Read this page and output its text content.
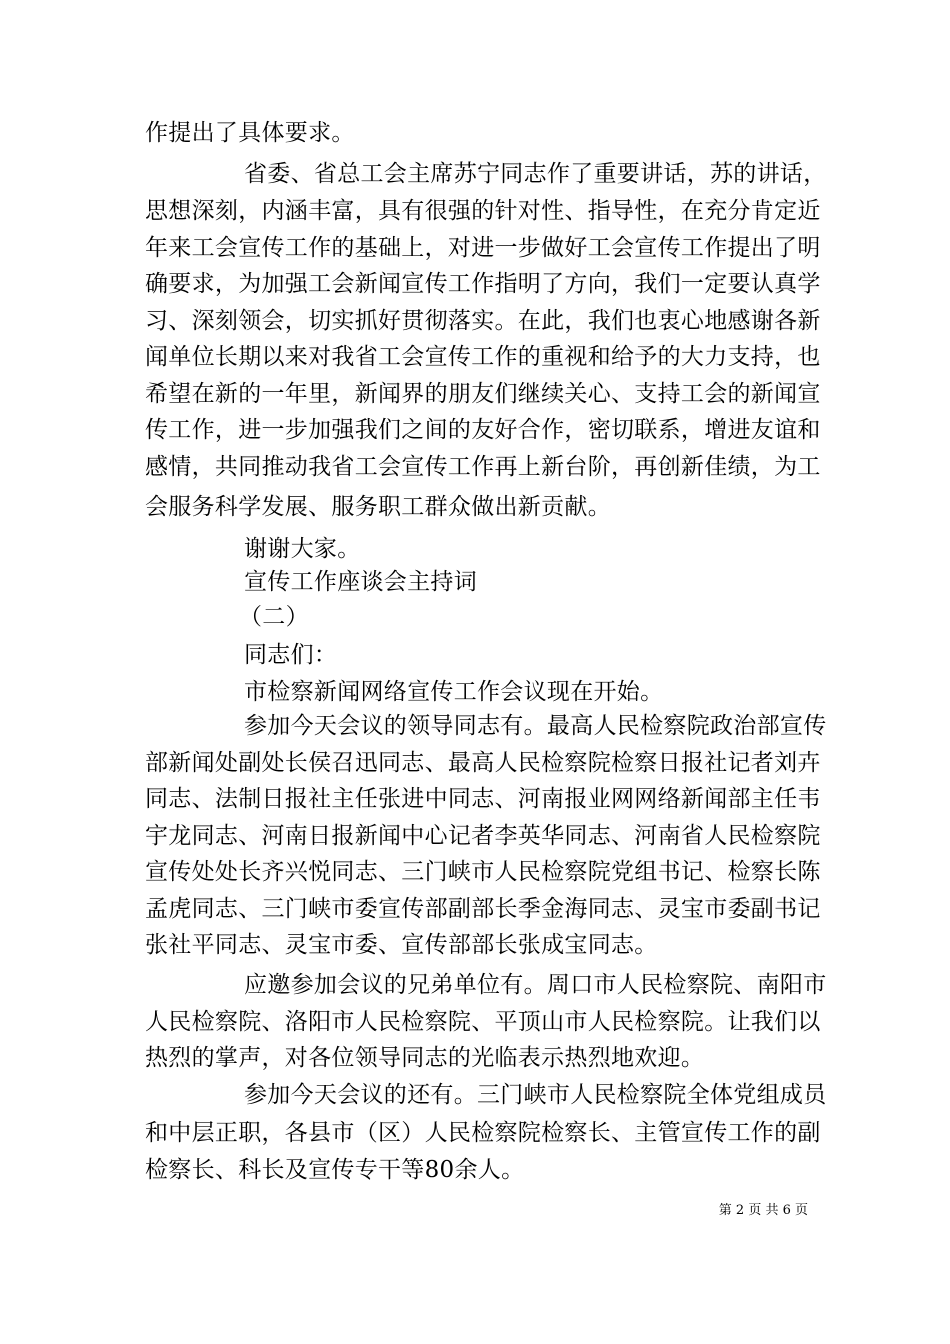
作提出了具体要求。
省委、省总工会主席苏宁同志作了重要讲话，苏的讲话，
思想深刻，内涵丰富，具有很强的针对性、指导性，在充分肯定近
年来工会宣传工作的基础上，对进一步做好工会宣传工作提出了明
确要求，为加强工会新闻宣传工作指明了方向，我们一定要认真学
习、深刻领会，切实抓好贯彻落实。在此，我们也衷心地感谢各新
闻单位长期以来对我省工会宣传工作的重视和给予的大力支持，也
希望在新的一年里，新闻界的朋友们继续关心、支持工会的新闻宣
传工作，进一步加强我们之间的友好合作，密切联系，增进友谊和
感情，共同推动我省工会宣传工作再上新台阶，再创新佳绩，为工
会服务科学发展、服务职工群众做出新贡献。
谢谢大家。
宣传工作座谈会主持词
（二）
同志们：
市检察新闻网络宣传工作会议现在开始。
参加今天会议的领导同志有。最高人民检察院政治部宣传
部新闻处副处长侯召迅同志、最高人民检察院检察日报社记者刘卉
同志、法制日报社主任张进中同志、河南报业网网络新闻部主任韦
宇龙同志、河南日报新闻中心记者李英华同志、河南省人民检察院
宣传处处长齐兴悦同志、三门峡市人民检察院党组书记、检察长陈
孟虎同志、三门峡市委宣传部副部长季金海同志、灵宝市委副书记
张社平同志、灵宝市委、宣传部部长张成宝同志。
应邀参加会议的兄弟单位有。周口市人民检察院、南阳市
人民检察院、洛阳市人民检察院、平顶山市人民检察院。让我们以
热烈的掌声，对各位领导同志的光临表示热烈地欢迎。
参加今天会议的还有。三门峡市人民检察院全体党组成员
和中层正职，各县市（区）人民检察院检察长、主管宣传工作的副
检察长、科长及宣传专干等80余人。
第 2 页 共 6 页
